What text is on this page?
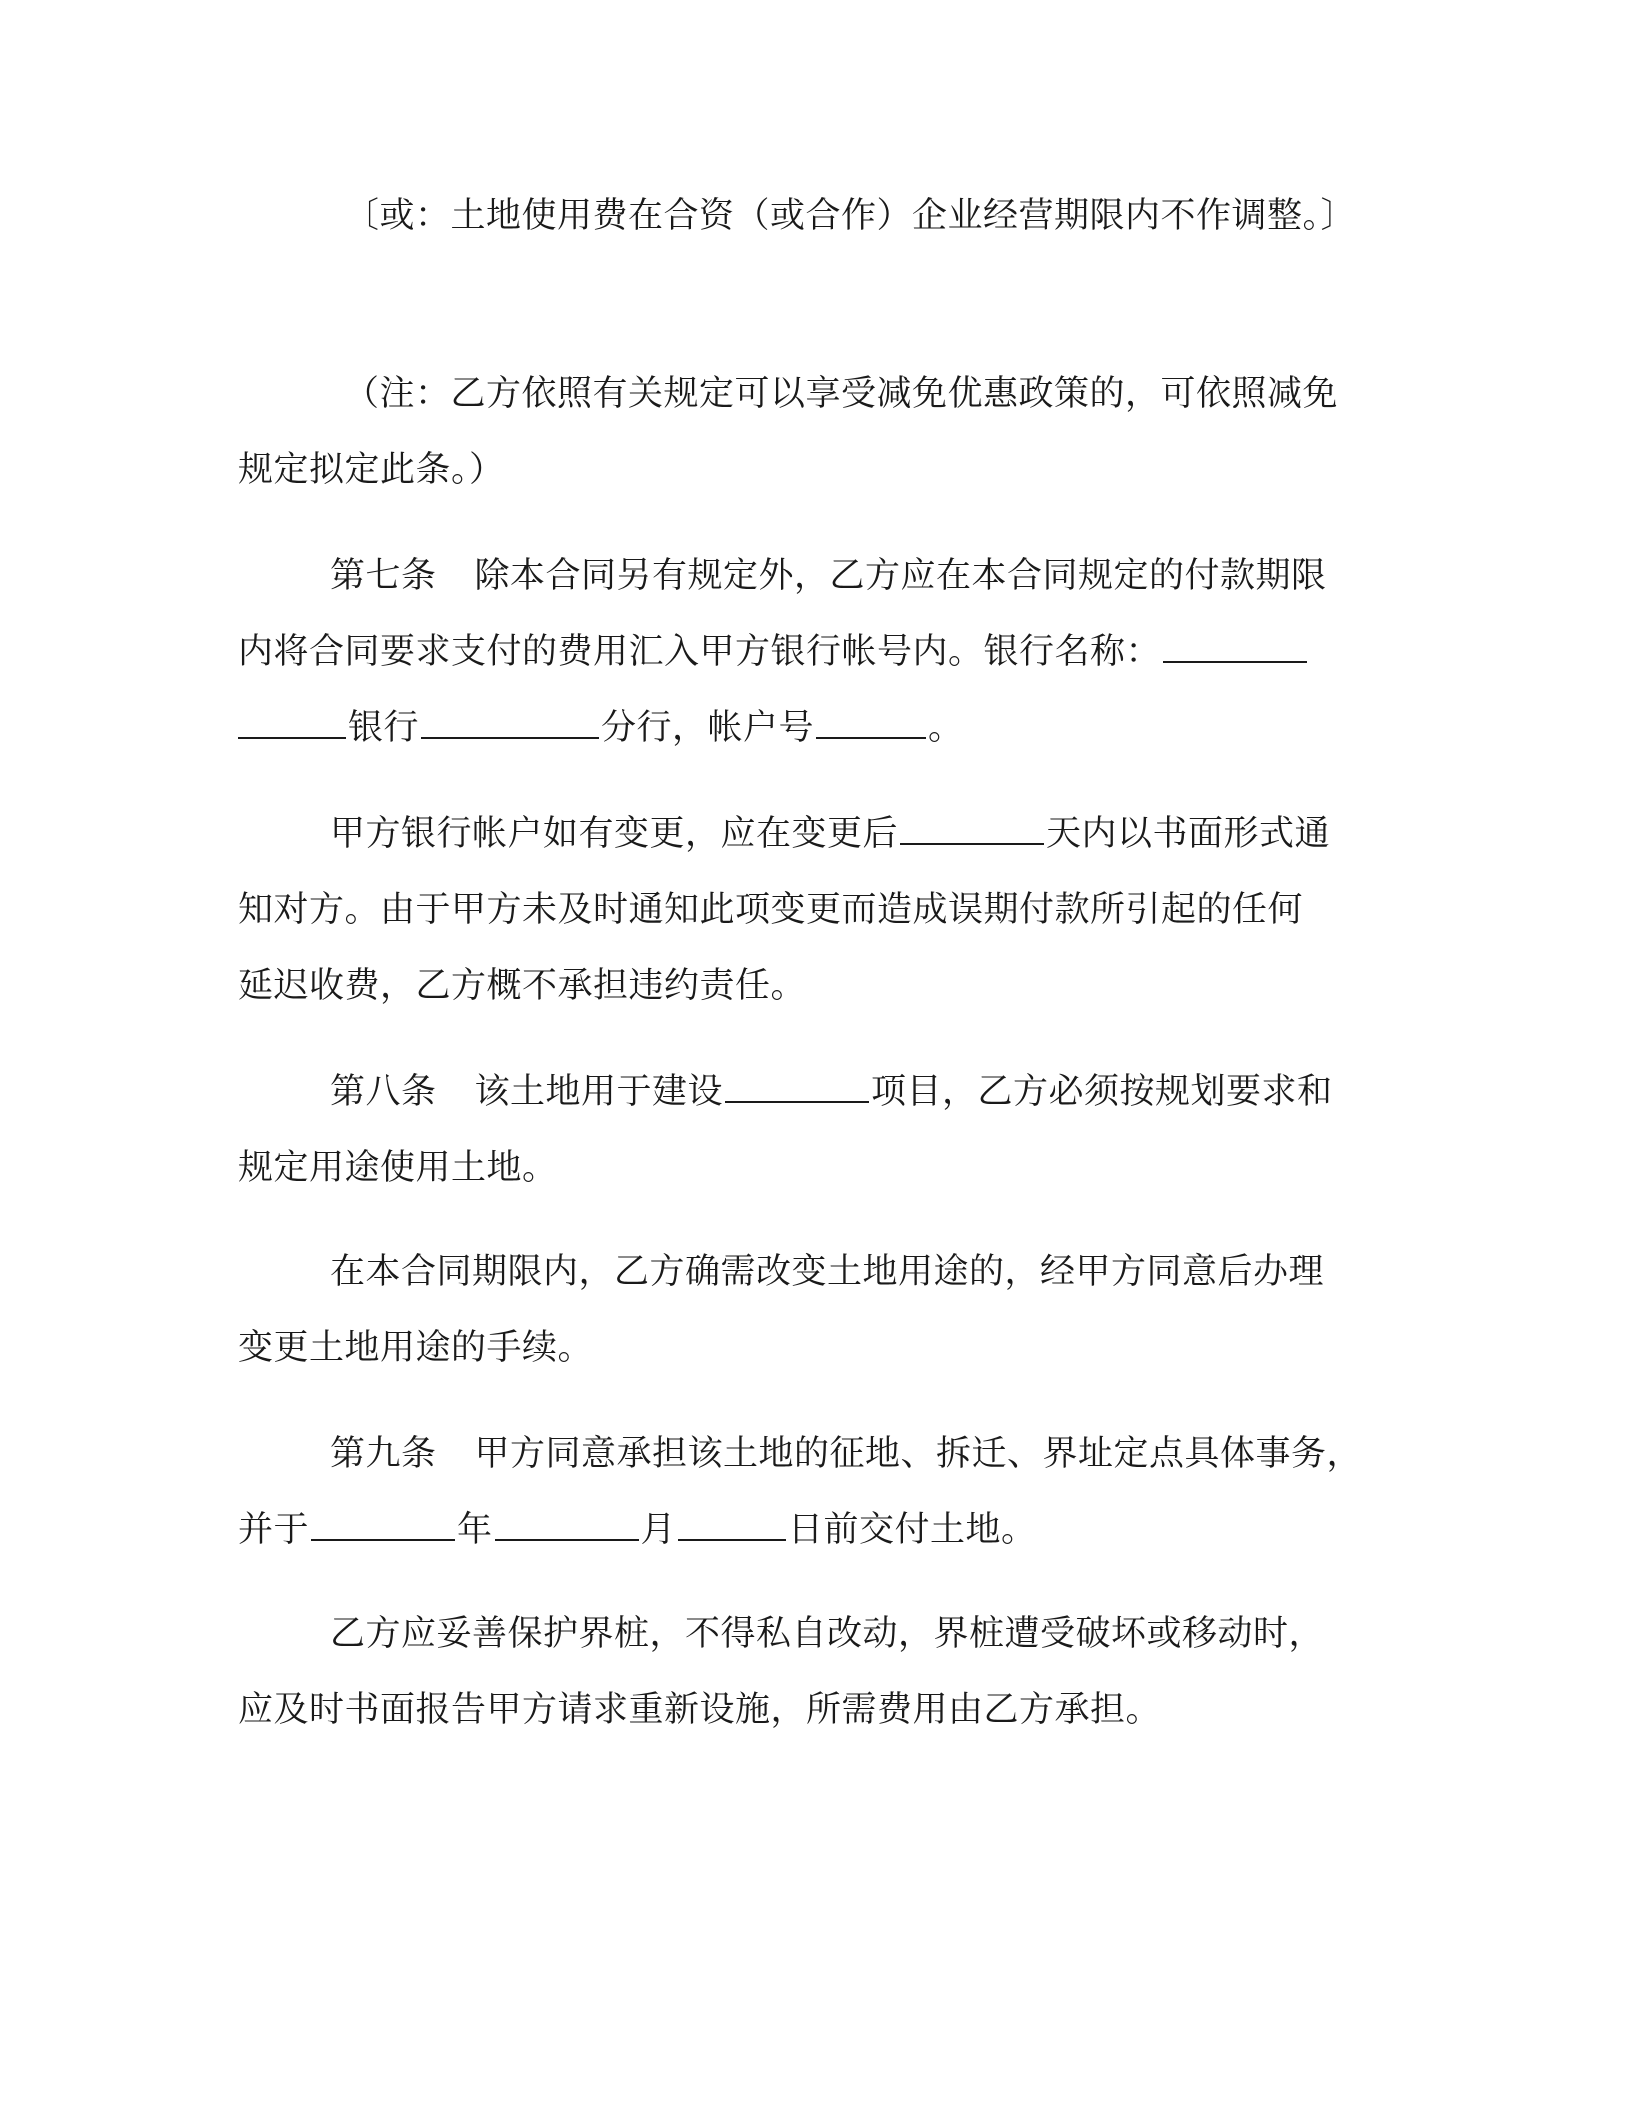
〔或：土地使用费在合资（或合作）企业经营期限内不作调整。〕
（注：乙方依照有关规定可以享受减免优惠政策的，可依照减免
规定拟定此条。）
第七条 除本合同另有规定外，乙方应在本合同规定的付款期限
内将合同要求支付的费用汇入甲方银行帐号内。银行名称：
银行	分行，帐户号	。
甲方银行帐户如有变更，应在变更后	天内以书面形式通
知对方。由于甲方未及时通知此项变更而造成误期付款所引起的任何
延迟收费，乙方概不承担违约责任。
第八条 该土地用于建设	项目，乙方必须按规划要求和
规定用途使用土地。
在本合同期限内，乙方确需改变土地用途的，经甲方同意后办理
变更土地用途的手续。
第九条 甲方同意承担该土地的征地、拆迁、界址定点具体事务，
并于	年	月	日前交付土地。
乙方应妥善保护界桩，不得私自改动，界桩遭受破坏或移动时，
应及时书面报告甲方请求重新设施，所需费用由乙方承担。
